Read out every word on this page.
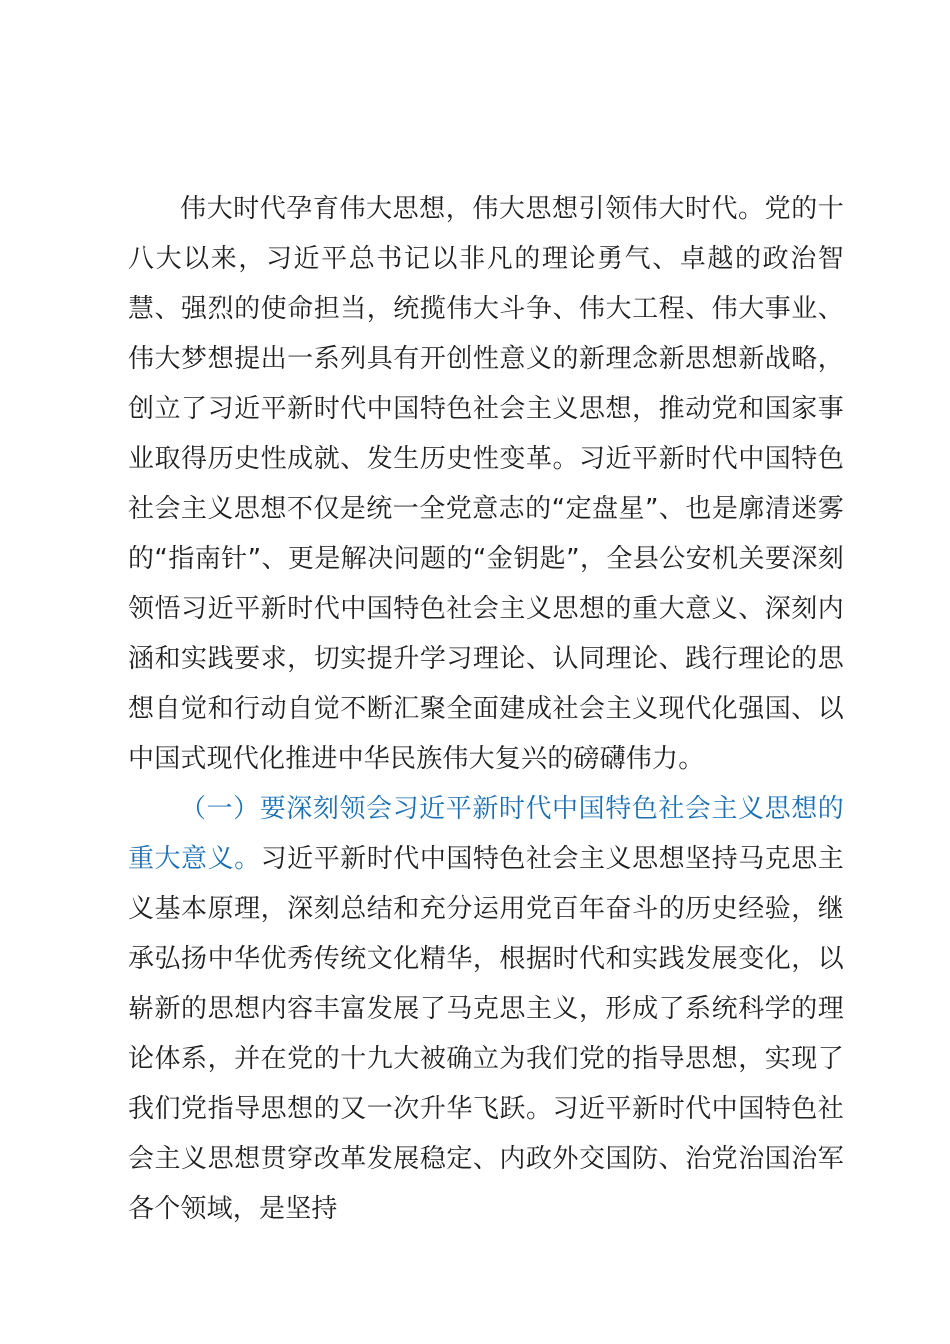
伟大时代孕育伟大思想，伟大思想引领伟大时代。党的十八大以来，习近平总书记以非凡的理论勇气、卓越的政治智慧、强烈的使命担当，统揽伟大斗争、伟大工程、伟大事业、伟大梦想提出一系列具有开创性意义的新理念新思想新战略，创立了习近平新时代中国特色社会主义思想，推动党和国家事业取得历史性成就、发生历史性变革。习近平新时代中国特色社会主义思想不仅是统一全党意志的“定盘星”、也是廓清迷雾的“指南针”、更是解决问题的“金钥匙”，全县公安机关要深刻领悟习近平新时代中国特色社会主义思想的重大意义、深刻内涵和实践要求，切实提升学习理论、认同理论、践行理论的思想自觉和行动自觉不断汇聚全面建成社会主义现代化强国、以中国式现代化推进中华民族伟大复兴的磅礴伟力。

（一）要深刻领会习近平新时代中国特色社会主义思想的重大意义。习近平新时代中国特色社会主义思想坚持马克思主义基本原理，深刻总结和充分运用党百年奋斗的历史经验，继承弘扬中华优秀传统文化精华，根据时代和实践发展变化，以崭新的思想内容丰富发展了马克思主义，形成了系统科学的理论体系，并在党的十九大被确立为我们党的指导思想，实现了我们党指导思想的又一次升华飞跃。习近平新时代中国特色社会主义思想贯穿改革发展稳定、内政外交国防、治党治国治军各个领域，是坚持
